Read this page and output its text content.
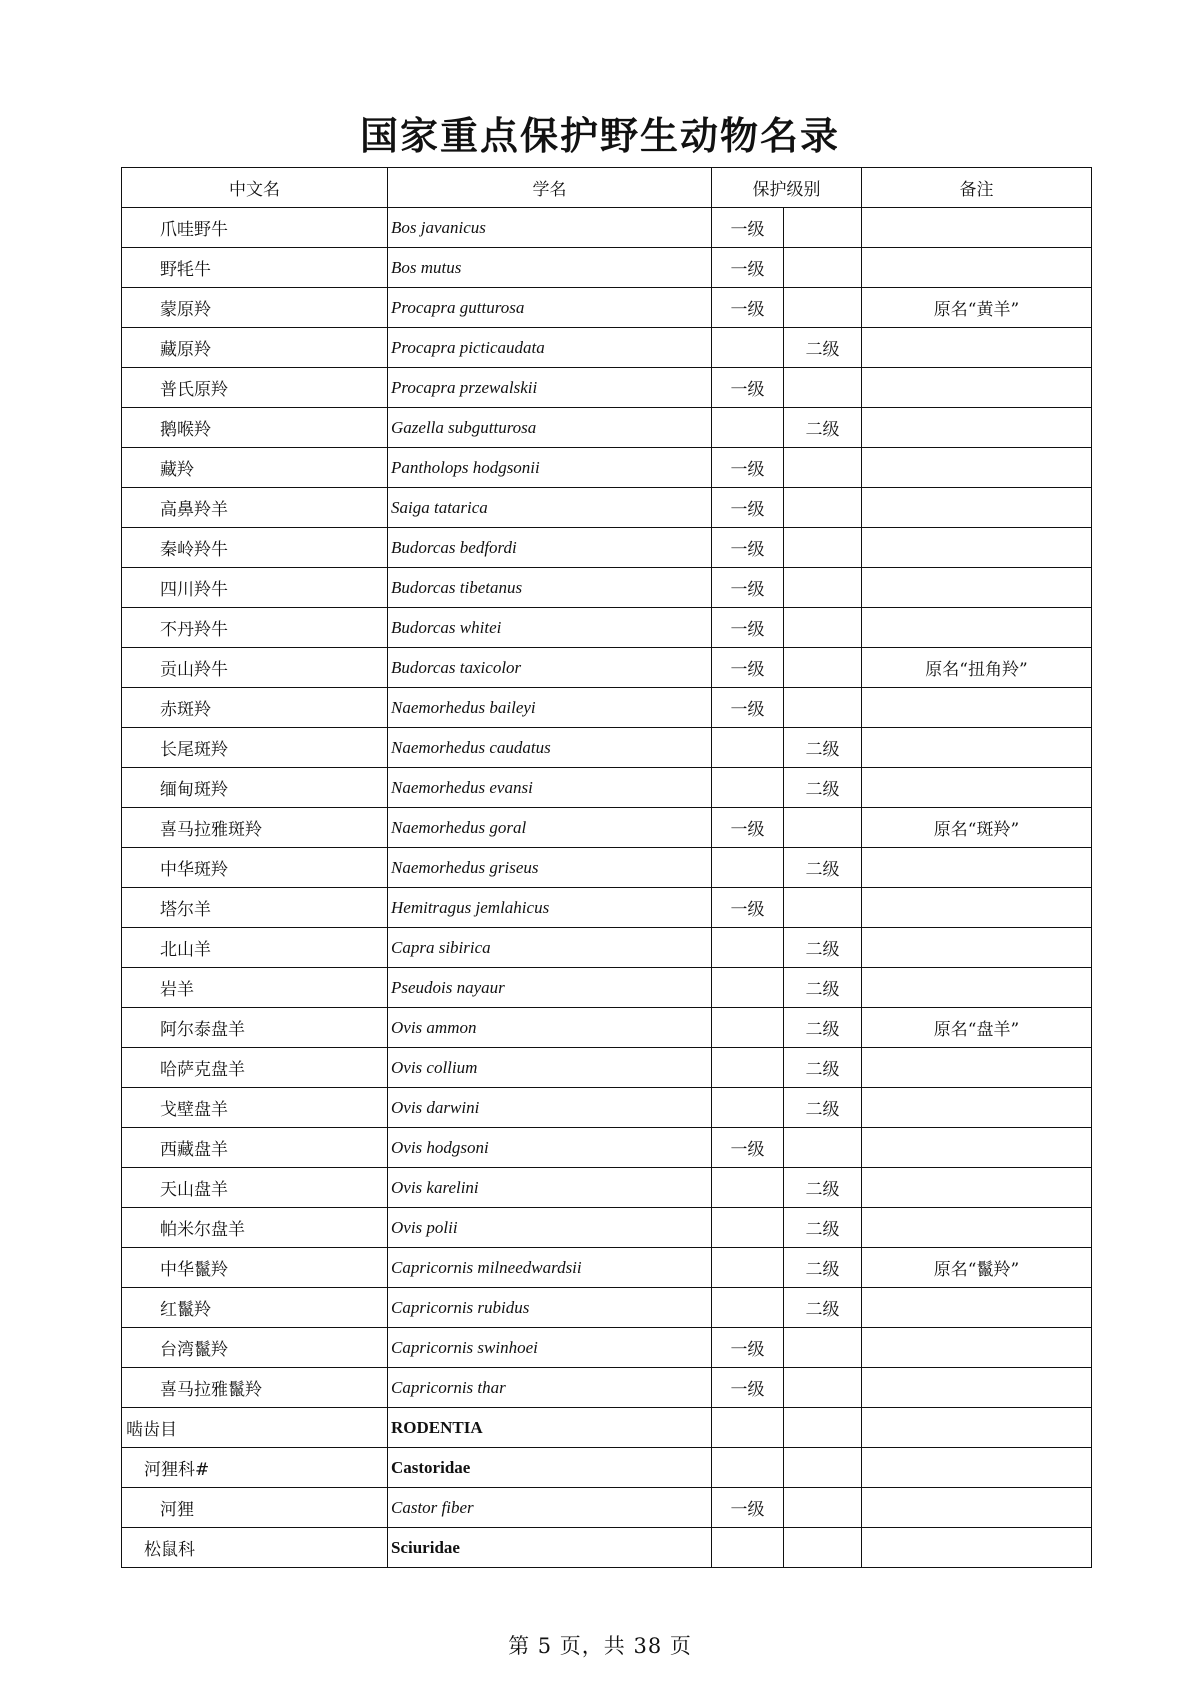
国家重点保护野生动物名录
中文名	学名	保护级别		备注
爪哇野牛	Bos javanicus	一级		
野牦牛	Bos mutus	一级		
蒙原羚	Procapra gutturosa	一级		原名“黄羊”
藏原羚	Procapra picticaudata		二级	
普氏原羚	Procapra przewalskii	一级		
鹅喉羚	Gazella subgutturosa		二级	
藏羚	Pantholops hodgsonii	一级		
高鼻羚羊	Saiga tatarica	一级		
秦岭羚牛	Budorcas bedfordi	一级		
四川羚牛	Budorcas tibetanus	一级		
不丹羚牛	Budorcas whitei	一级		
贡山羚牛	Budorcas taxicolor	一级		原名“扭角羚”
赤斑羚	Naemorhedus baileyi	一级		
长尾斑羚	Naemorhedus caudatus		二级	
缅甸斑羚	Naemorhedus evansi		二级	
喜马拉雅斑羚	Naemorhedus goral	一级		原名“斑羚”
中华斑羚	Naemorhedus griseus		二级	
塔尔羊	Hemitragus jemlahicus	一级		
北山羊	Capra sibirica		二级	
岩羊	Pseudois nayaur		二级	
阿尔泰盘羊	Ovis ammon		二级	原名“盘羊”
哈萨克盘羊	Ovis collium		二级	
戈壁盘羊	Ovis darwini		二级	
西藏盘羊	Ovis hodgsoni	一级		
天山盘羊	Ovis karelini		二级	
帕米尔盘羊	Ovis polii		二级	
中华鬣羚	Capricornis milneedwardsii		二级	原名“鬣羚”
红鬣羚	Capricornis rubidus		二级	
台湾鬣羚	Capricornis swinhoei	一级		
喜马拉雅鬣羚	Capricornis thar	一级		
啮齿目	RODENTIA			
河狸科#	Castoridae			
河狸	Castor fiber	一级		
松鼠科	Sciuridae			
第 5 页，共 38 页
